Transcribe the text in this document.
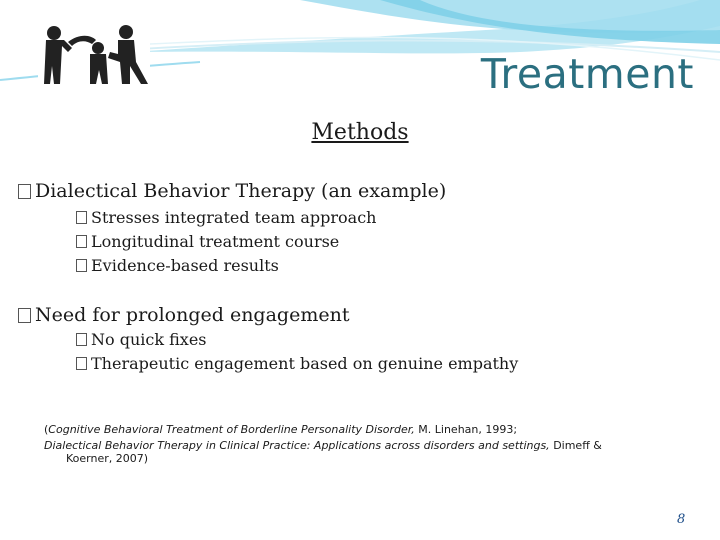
Treatment
Methods
Dialectical Behavior Therapy (an example)
Stresses integrated team approach
Longitudinal treatment course
Evidence-based results
Need for prolonged engagement
No quick fixes
Therapeutic engagement based on genuine empathy
(Cognitive Behavioral Treatment of Borderline Personality Disorder, M. Linehan, 1993;
Dialectical Behavior Therapy in Clinical Practice: Applications across disorders and settings, Dimeff &
Koerner, 2007)
8
